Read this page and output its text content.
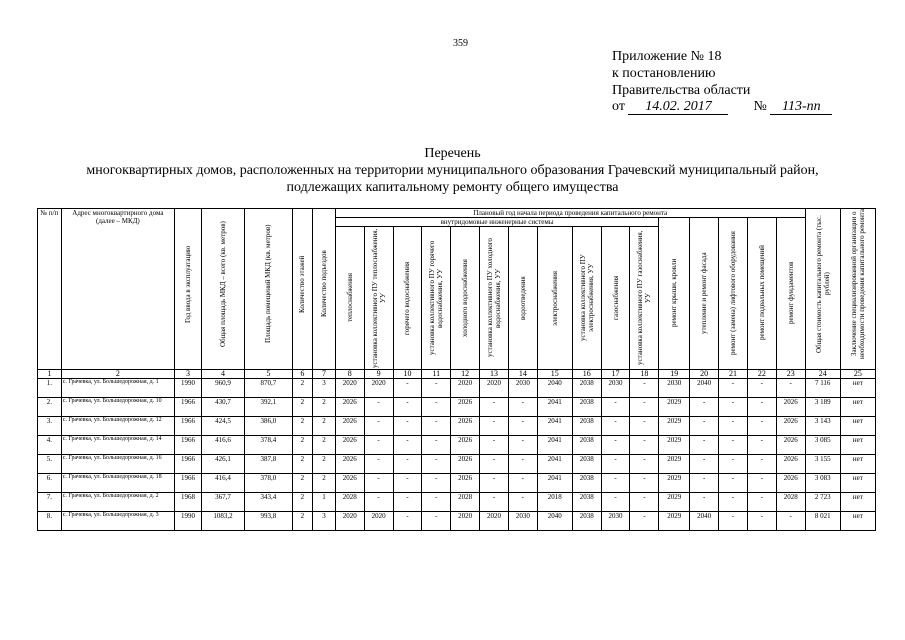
359
Приложение № 18
к постановлению
Правительства области
от 14.02. 2017	№ 113-пп
Перечень
многоквартирных домов, расположенных на территории муниципального образования Грачевский муниципальный район,
подлежащих капитальному ремонту общего имущества
№ п/п	Адрес многоквартирного дома (далее – МКД)	Год ввода в эксплуатацию	Общая площадь МКД – всего (кв. метров)	Площадь помещений МКД (кв. метров)	Количество этажей	Количество подъездов	Плановый год начала периода проведения капитального ремонта																Общая стоимость капитального ремонта (тыс. рублей)	Заключение специализированной организации о необходимости проведения капитального ремонта

							внутридомовые инженерные системы											ремонт крыши, кровли	утепление и ремонт фасада	ремонт (замена) лифтового оборудования	ремонт подвальных помещений	ремонт фундаментов		

теплоснабжения	установка коллективного ПУ теплоснабжения, УУ	горячего водоснабжения	установка коллективного ПУ горячего водоснабжения, УУ	холодного водоснабжения	установка коллективного ПУ холодного водоснабжения, УУ	водоотведения	электроснабжения	установка коллективного ПУ электроснабжения, УУ	газоснабжения	установка коллективного ПУ газоснабжения, УУ							

1	2	3	4	5	6	7	8	9	10	11	12	13	14	15	16	17	18	19	20	21	22	23	24	25
1.	с. Грачевка, ул. Большедорожная, д. 1	1990	960,9	870,7	2	3	2020	2020	-	-	2020	2020	2030	2040	2038	2030	-	2030	2040	-	-	-	7 116	нет
2.	с. Грачевка, ул. Большедорожная, д. 10	1966	430,7	392,1	2	2	2026	-	-	-	2026	-	-	2041	2038	-	-	2029	-	-	-	2026	3 189	нет
3.	с. Грачевка, ул. Большедорожная, д. 12	1966	424,5	386,0	2	2	2026	-	-	-	2026	-	-	2041	2038	-	-	2029	-	-	-	2026	3 143	нет
4.	с. Грачевка, ул. Большедорожная, д. 14	1966	416,6	378,4	2	2	2026	-	-	-	2026	-	-	2041	2038	-	-	2029	-	-	-	2026	3 085	нет
5.	с. Грачевка, ул. Большедорожная, д. 16	1966	426,1	387,8	2	2	2026	-	-	-	2026	-	-	2041	2038	-	-	2029	-	-	-	2026	3 155	нет
6.	с. Грачевка, ул. Большедорожная, д. 18	1966	416,4	378,0	2	2	2026	-	-	-	2026	-	-	2041	2038	-	-	2029	-	-	-	2026	3 083	нет
7.	с. Грачевка, ул. Большедорожная, д. 2	1968	367,7	343,4	2	1	2028	-	-	-	2028	-	-	2018	2038	-	-	2029	-	-	-	2028	2 723	нет
8.	с. Грачевка, ул. Большедорожная, д. 3	1990	1083,2	993,8	2	3	2020	2020	-	-	2020	2020	2030	2040	2038	2030	-	2029	2040	-	-	-	8 021	нет
